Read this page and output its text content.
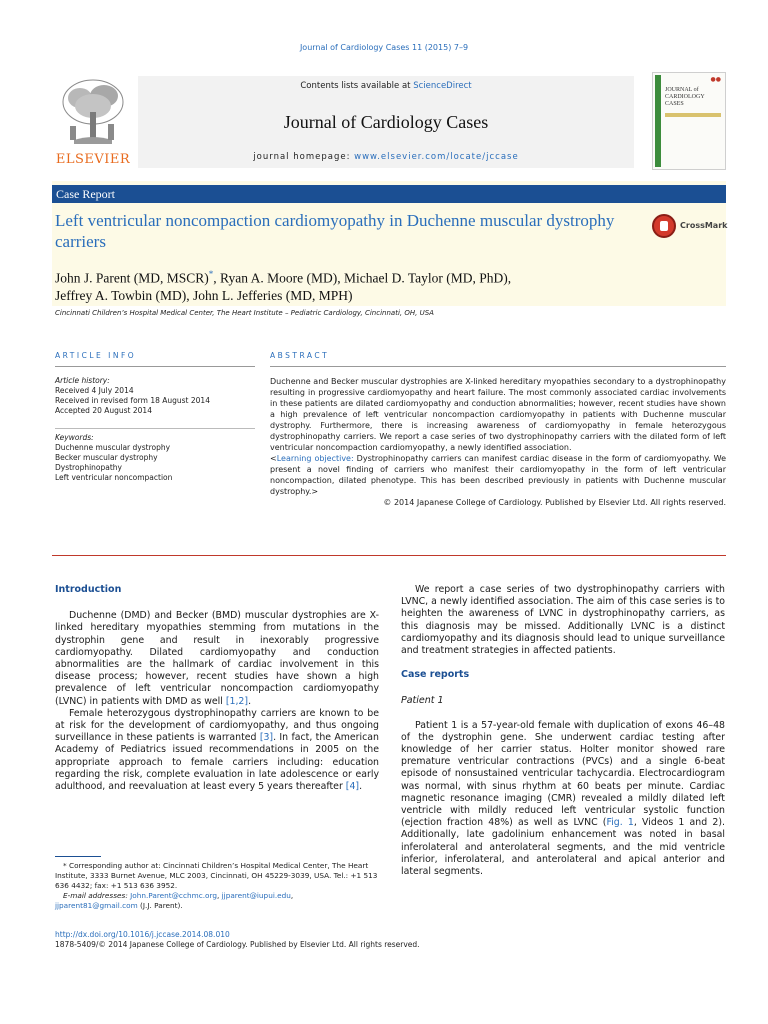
Journal of Cardiology Cases 11 (2015) 7–9
ELSEVIER
Contents lists available at ScienceDirect
Journal of Cardiology Cases
journal homepage: www.elsevier.com/locate/jccase
●●
JOURNAL of
CARDIOLOGY
CASES
Case Report
Left ventricular noncompaction cardiomyopathy in Duchenne muscular dystrophy carriers
CrossMark
John J. Parent (MD, MSCR)*, Ryan A. Moore (MD), Michael D. Taylor (MD, PhD),
Jeffrey A. Towbin (MD), John L. Jefferies (MD, MPH)
Cincinnati Children’s Hospital Medical Center, The Heart Institute – Pediatric Cardiology, Cincinnati, OH, USA
ARTICLE INFO	ABSTRACT
Article history:
Received 4 July 2014
Received in revised form 18 August 2014
Accepted 20 August 2014
Keywords:
Duchenne muscular dystrophy
Becker muscular dystrophy
Dystrophinopathy
Left ventricular noncompaction

Duchenne and Becker muscular dystrophies are X-linked hereditary myopathies secondary to a dystrophinopathy resulting in progressive cardiomyopathy and heart failure. The most commonly associated cardiac involvements in these patients are dilated cardiomyopathy and conduction abnormalities; however, recent studies have shown a high prevalence of left ventricular noncompaction cardiomyopathy in patients with Duchenne muscular dystrophy. Furthermore, there is increasing awareness of cardiomyopathy in female heterozygous dystrophinopathy carriers. We report a case series of two dystrophinopathy carriers with the dilated form of left ventricular noncompaction cardiomyopathy, a newly identified association.

<Learning objective: Dystrophinopathy carriers can manifest cardiac disease in the form of cardiomyopathy. We present a novel finding of carriers who manifest their cardiomyopathy in the form of left ventricular noncompaction, dilated phenotype. This has been described previously in patients with Duchenne muscular dystrophy.>

© 2014 Japanese College of Cardiology. Published by Elsevier Ltd. All rights reserved.

Introduction

Duchenne (DMD) and Becker (BMD) muscular dystrophies are X-linked hereditary myopathies stemming from mutations in the dystrophin gene and result in inexorably progressive cardiomyopathy. Dilated cardiomyopathy and conduction abnormalities are the hallmark of cardiac involvement in this disease process; however, recent studies have shown a high prevalence of left ventricular noncompaction cardiomyopathy (LVNC) in patients with DMD as well [1,2].

Female heterozygous dystrophinopathy carriers are known to be at risk for the development of cardiomyopathy, and thus ongoing surveillance in these patients is warranted [3]. In fact, the American Academy of Pediatrics issued recommendations in 2005 on the appropriate approach to female carriers including: education regarding the risk, complete evaluation in late adolescence or early adulthood, and reevaluation at least every 5 years thereafter [4].

We report a case series of two dystrophinopathy carriers with LVNC, a newly identified association. The aim of this case series is to heighten the awareness of LVNC in dystrophinopathy carriers, as this diagnosis may be missed. Additionally LVNC is a distinct cardiomyopathy and its diagnosis should lead to unique surveillance and treatment strategies in affected patients.

Case reports
Patient 1

Patient 1 is a 57-year-old female with duplication of exons 46–48 of the dystrophin gene. She underwent cardiac testing after knowledge of her carrier status. Holter monitor showed rare premature ventricular contractions (PVCs) and a single 6-beat episode of nonsustained ventricular tachycardia. Electrocardiogram was normal, with sinus rhythm at 60 beats per minute. Cardiac magnetic resonance imaging (CMR) revealed a mildly dilated left ventricle with mildly reduced left ventricular systolic function (ejection fraction 48%) as well as LVNC (Fig. 1, Videos 1 and 2). Additionally, late gadolinium enhancement was noted in basal inferolateral and anterolateral segments, and the mid ventricle inferior, inferolateral, and anterolateral and apical anterior and lateral segments.

* Corresponding author at: Cincinnati Children’s Hospital Medical Center, The Heart Institute, 3333 Burnet Avenue, MLC 2003, Cincinnati, OH 45229-3039, USA. Tel.: +1 513 636 4432; fax: +1 513 636 3952.
E-mail addresses: John.Parent@cchmc.org, jjparent@iupui.edu,
jjparent81@gmail.com (J.J. Parent).
http://dx.doi.org/10.1016/j.jccase.2014.08.010
1878-5409/© 2014 Japanese College of Cardiology. Published by Elsevier Ltd. All rights reserved.
